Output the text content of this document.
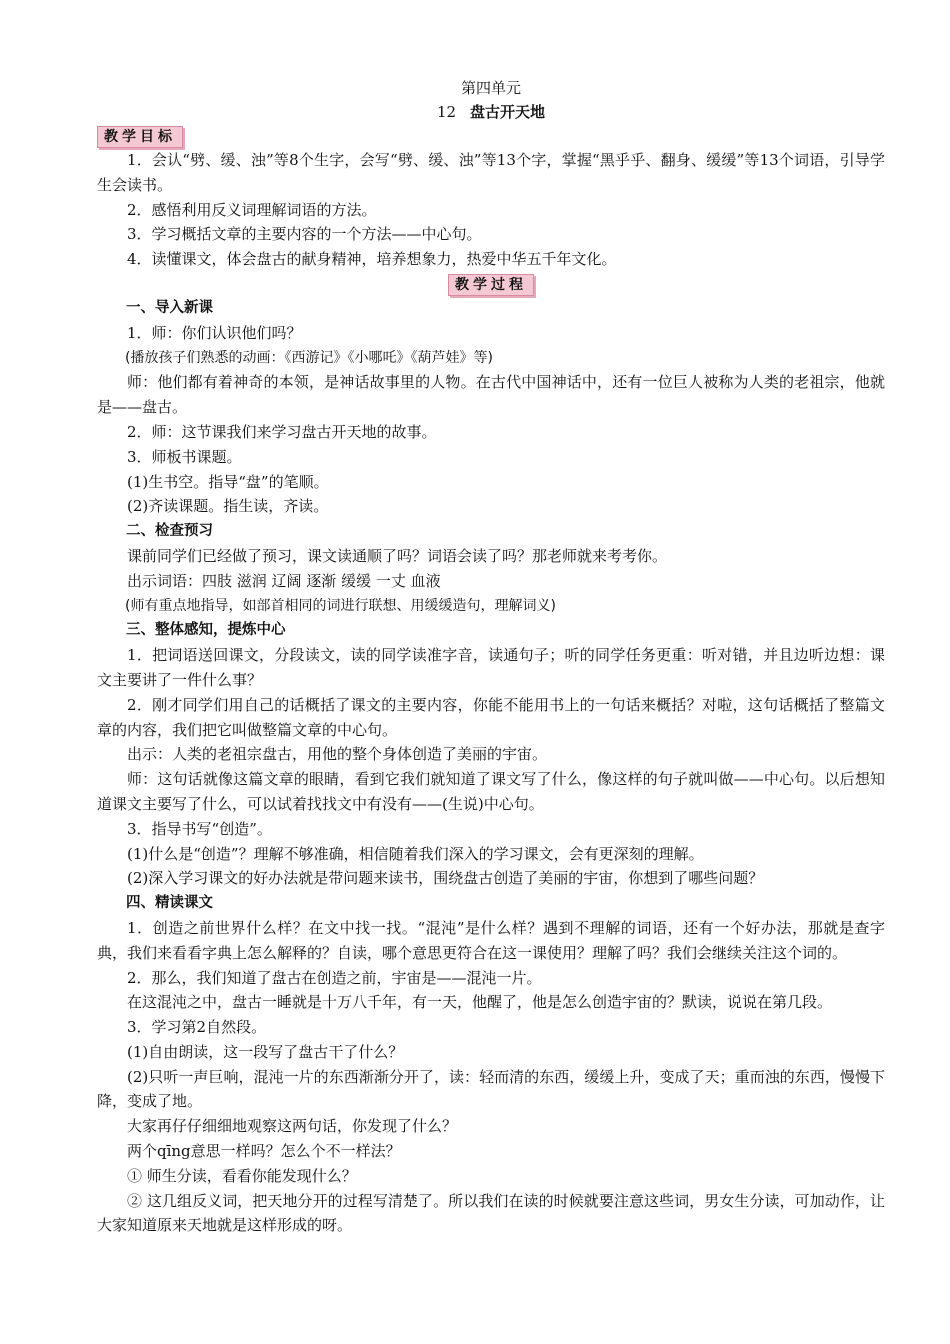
第四单元
12 盘古开天地
教学目标

1．会认“劈、缓、浊”等8个生字，会写“劈、缓、浊”等13个字，掌握“黑乎乎、翻身、缓缓”等13个词语，引导学生会读书。

2．感悟利用反义词理解词语的方法。

3．学习概括文章的主要内容的一个方法——中心句。

4．读懂课文，体会盘古的献身精神，培养想象力，热爱中华五千年文化。

教学过程

一、导入新课

1．师：你们认识他们吗？

(播放孩子们熟悉的动画：《西游记》《小哪吒》《葫芦娃》等)

师：他们都有着神奇的本领，是神话故事里的人物。在古代中国神话中，还有一位巨人被称为人类的老祖宗，他就是——盘古。

2．师：这节课我们来学习盘古开天地的故事。

3．师板书课题。

(1)生书空。指导“盘”的笔顺。

(2)齐读课题。指生读，齐读。

二、检查预习

课前同学们已经做了预习，课文读通顺了吗？词语会读了吗？那老师就来考考你。

出示词语：四肢 滋润 辽阔 逐渐 缓缓 一丈 血液

(师有重点地指导，如部首相同的词进行联想、用缓缓造句，理解词义)

三、整体感知，提炼中心

1．把词语送回课文，分段读文，读的同学读准字音，读通句子；听的同学任务更重：听对错，并且边听边想：课文主要讲了一件什么事？

2．刚才同学们用自己的话概括了课文的主要内容，你能不能用书上的一句话来概括？对啦，这句话概括了整篇文章的内容，我们把它叫做整篇文章的中心句。

出示：人类的老祖宗盘古，用他的整个身体创造了美丽的宇宙。

师：这句话就像这篇文章的眼睛，看到它我们就知道了课文写了什么，像这样的句子就叫做——中心句。以后想知道课文主要写了什么，可以试着找找文中有没有——(生说)中心句。

3．指导书写“创造”。

(1)什么是“创造”？理解不够准确，相信随着我们深入的学习课文，会有更深刻的理解。

(2)深入学习课文的好办法就是带问题来读书，围绕盘古创造了美丽的宇宙，你想到了哪些问题？

四、精读课文

1．创造之前世界什么样？在文中找一找。“混沌”是什么样？遇到不理解的词语，还有一个好办法，那就是查字典，我们来看看字典上怎么解释的？自读，哪个意思更符合在这一课使用？理解了吗？我们会继续关注这个词的。

2．那么，我们知道了盘古在创造之前，宇宙是——混沌一片。

在这混沌之中，盘古一睡就是十万八千年，有一天，他醒了，他是怎么创造宇宙的？默读，说说在第几段。

3．学习第2自然段。

(1)自由朗读，这一段写了盘古干了什么？

(2)只听一声巨响，混沌一片的东西渐渐分开了，读：轻而清的东西，缓缓上升，变成了天；重而浊的东西，慢慢下降，变成了地。

大家再仔仔细细地观察这两句话，你发现了什么？

两个qīng意思一样吗？怎么个不一样法？

① 师生分读，看看你能发现什么？

② 这几组反义词，把天地分开的过程写清楚了。所以我们在读的时候就要注意这些词，男女生分读，可加动作，让大家知道原来天地就是这样形成的呀。
